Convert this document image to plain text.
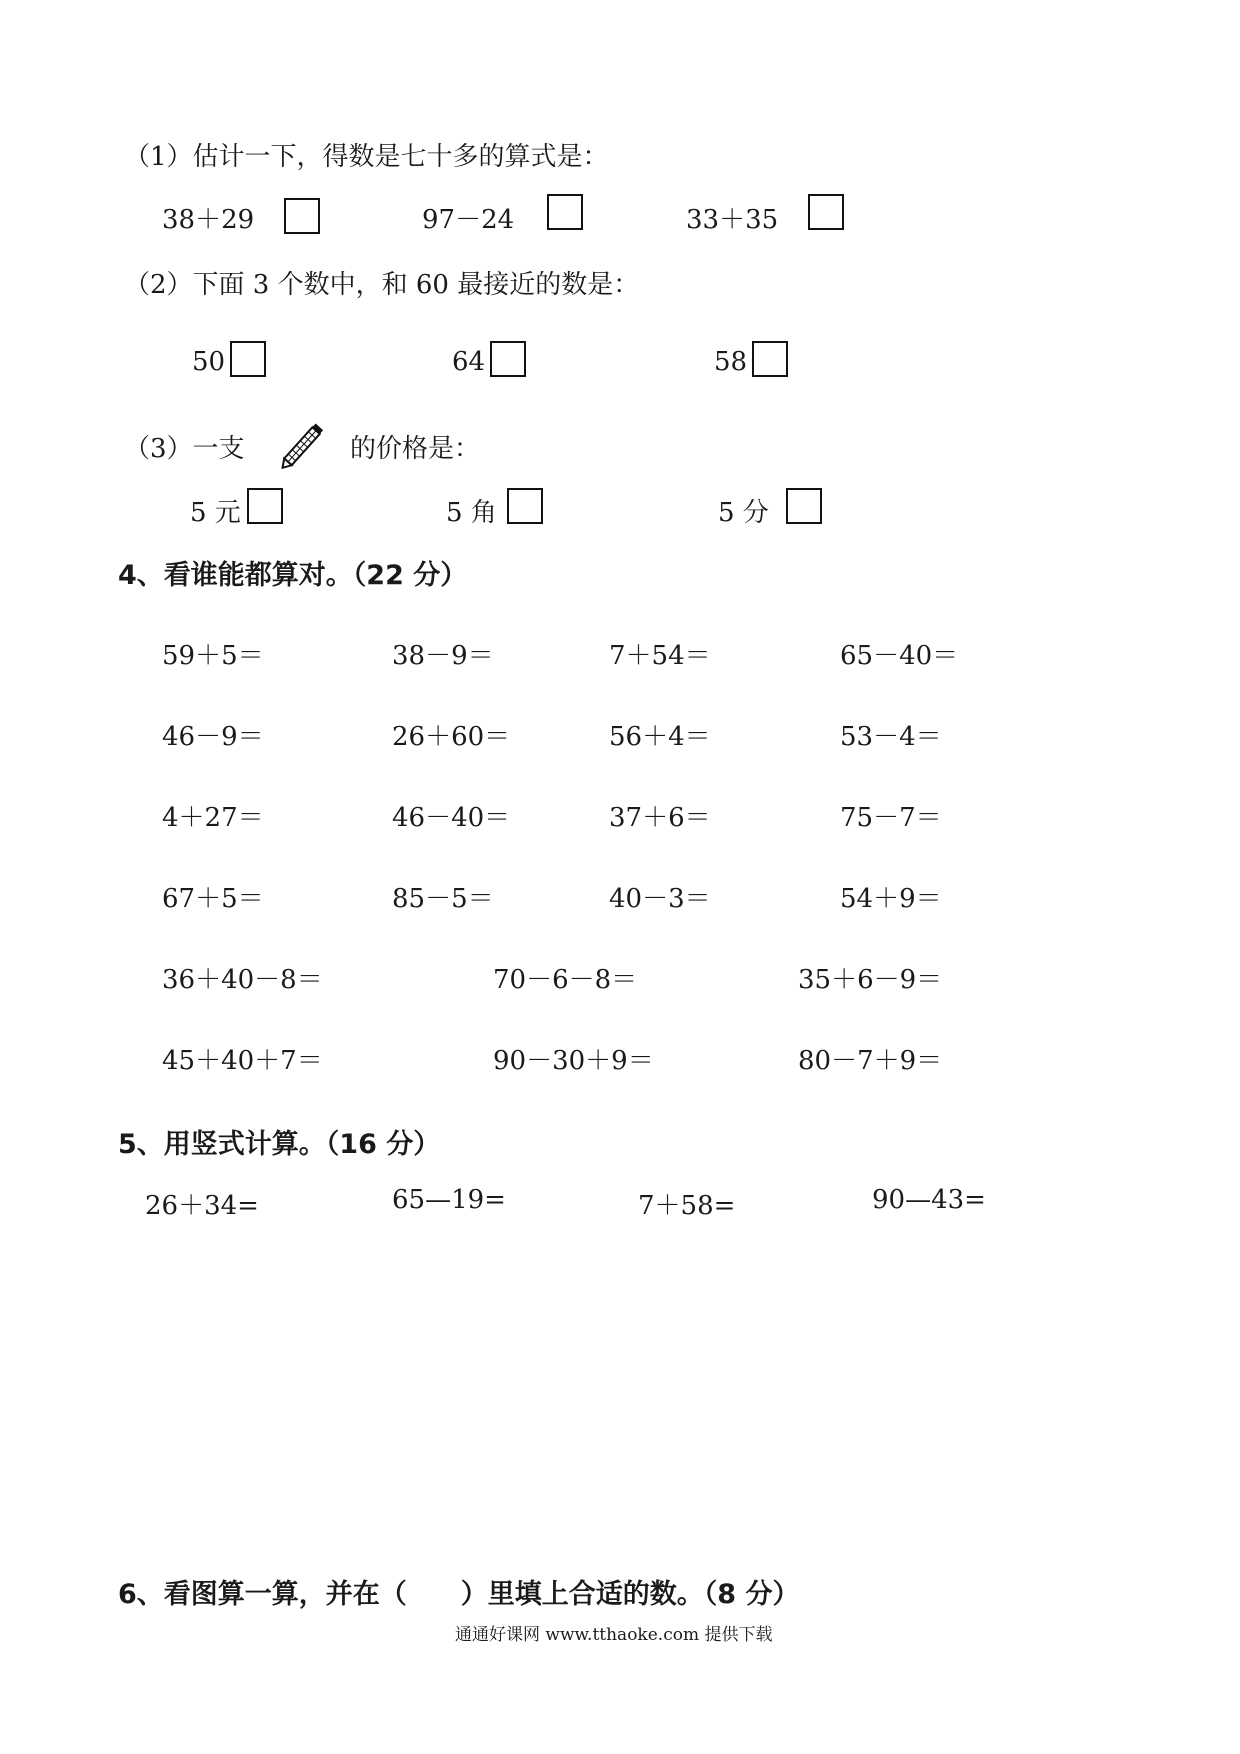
（1）估计一下，得数是七十多的算式是：
38＋29	97－24	33＋35
（2）下面 3 个数中，和 60 最接近的数是：
50	64	58
（3）一支	的价格是：
5 元	5 角	5 分
4、看谁能都算对。（22 分）
59＋5＝	38－9＝	7＋54＝	65－40＝
46－9＝	26＋60＝	56＋4＝	53－4＝
4＋27＝	46－40＝	37＋6＝	75－7＝
67＋5＝	85－5＝	40－3＝	54＋9＝
36＋40－8＝	70－6－8＝	35＋6－9＝
45＋40＋7＝	90－30＋9＝	80－7＋9＝
5、用竖式计算。（16 分）
26＋34=	65—19=	7＋58=	90—43=
6、看图算一算，并在（　　）里填上合适的数。（8 分）
通通好课网 www.tthaoke.com 提供下载
